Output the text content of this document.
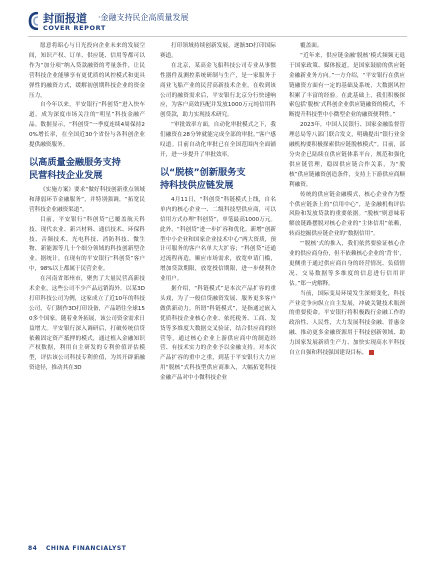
封面报道 ·金融支持民企高质量发展
COVER REPORT

愿意将昭心与日光投向企业未来的发展空间，知识产权、订单、供应链、信用等都可以作为“加分项”纳入贷款融资的考量条件，让民营科技企业能够享有更优质的风控模式和更具弹性的融资方式，缓解初创期科技企业的资金压力。

自今年以来，平安银行“科创贷”进入快车道，成为深度市场关注的“明星”科技金融产品。数据显示，“科创贷”一季度连续4周保持20%增长率，在全国近30个省份与各科创企业提供融资服务。

以高质量金融服务支持
民营科技企业发展

《实施方案》要求“做好科技创新重点领域和薄弱环节金融服务”，并特别强调，“拓宽民营科技企业融资渠道”。

目前，平安银行“科创贷”已覆盖航天科技、现代农业、新兴材料、通信技术、环保科技、音频技术、光电科技、消防科技、微生物、新能源等几十个细分领域的科技创新型企业。据统计，在现有的平安银行“科创贷”客户中，98%以上都属于民营企业。

在河南省郑州市，聚焦了大量民营高新技术企业，这些公司不少产品远销海外。以某3D打印科技公司为例，这家成立了近10年的科技公司，专门制作3D打印设备，产品销往全球150多个国家。随着业务拓展，该公司资金需求日益增大。平安银行深入调研后，打破传统信贷依赖固定资产抵押的模式，通过植入金融知识产权数据，利用自主研发的专利价值评估模型，评估该公司科技专利价值，为其开辟新融资途径，推动其在3D

打印领域持续创新发展，逐渐3D打印国际赛道。

在北京，某高金飞船科技公司专业从事惯性器件及测控系统研制与生产，是一家服务于商业飞船产业的民营高新技术企业，在收到该公司的融资需求后，平安银行北京分行快速响应，为客户高效匹配并发放1000万元纯信用科创贷款，助力实现技术研究。

“审批效率方面，自动化审批模式之下，我们融资在28分钟就能完成全部的审批。”客户感叹道。目前自动化审批已在全国范围内全面铺开，进一步提升了审批效率。

以“脱核”创新服务支
持科技供应链发展

4月11日，“科创贷”科链模式上线，自名单内的核心企业一、二级科技型供应商，可以信用方式办理“科创贷”，单笔最高1000万元。此外，“科创贷”进一步扩容和优化。新增“创新型中小企业和国家企业技术中心”两大资质，预计可服务的客户名单大大扩容；“科创贷”还通过流程再造，顺应市场需求，放宽申请门槛，增加贷款期限，放宽授信期限，进一步便利企业用户。

据介绍，“科链模式”是本次产品扩容的重头戏，为了一般信贷融资发展、服务更多客户做供新动力，所谓“科链模式”，是指通过嵌入优质科技企业核心企业、依托税务、工商、发货等多维度大数据交叉验证，结合供应商的经营等，通过核心企业上游供应商中的制造经营、有技术实力的企业予以金融支持。对本次产品扩容的重中之重，到基于平安银行大力应用“脱核”式科技型供应商准入，大幅拓宽科技金融产品对中小微科技企业

覆盖面。

“近年来，供应链金融‘脱核’模式频频无退于国家政策、媒体报道，是国家鼓励的供应链金融新业务方向。”一方介绍，“平安银行在供应链融资方面有一定的基础及系统，大数据风控积累了丰富的经验。在此基础上，我们积极探索包括‘脱核’式科创企业供应链融资的模式，不断提升科技型中小微型企业的融资便利性。”

2023年，中国人民银行、国家金融监督管理总局等八部门联合发文，明确提出“银行业金融机构要积极探索供应链脱核模式”。目前，部分央企已陆续在供应链体系平台，规范和强化供应链管理，稳固供应链合作关系，为“脱核”供应链融资创造条件，支持上下游供应商顺利融资。

传统的供应链金融模式，核心企业作为整个供应链条上的“信用中心”，是金融机构评估风险和发放贷款的重要依据。“脱核”则意味着解放链路摆脱对核心企业的“主体信用”依赖，转而挖掘供应链企业的“数据信用”。

“‘脱核’式的推入，我们依然要验证核心企业的供应商身份，但不依赖核心企业的‘背书’，更侧重于通过供应商自身的经营情况、负债情况、交易数据等多维度的信息进行信用评估。”郑一虎解释。

当前，国际变局环境发生深刻变化，科技产业竞争向纵立自主发展，冲破关键技术瓶颈的重要使命。平安银行将积极践行金融工作的政治性、人民性，大力发展科技金融、普惠金融、推动更多金融资源用于科技创新领域、助力国家发展新质生产力、加快实现高水平科技自立自强和科技强国建设目标。

84 CHINA FINANCIALYST
